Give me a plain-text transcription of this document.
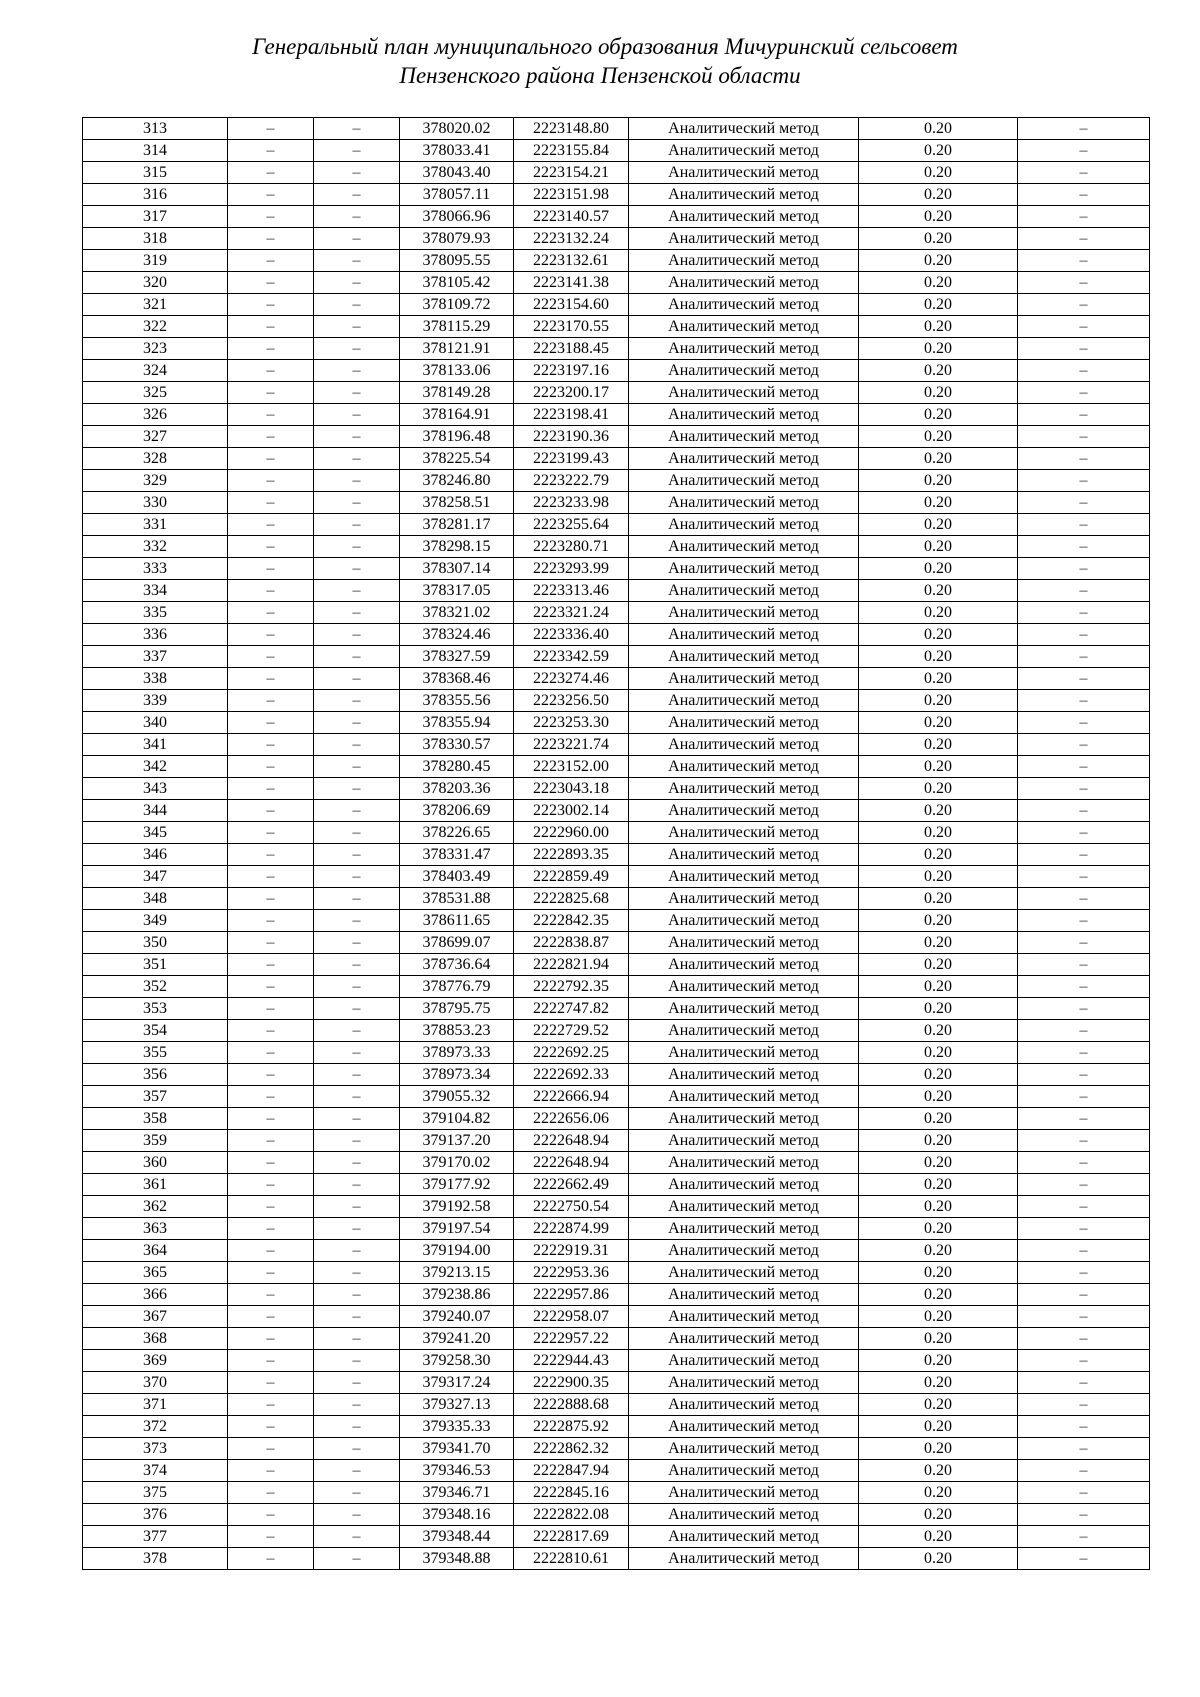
Генеральный план муниципального образования Мичуринский сельсовет
Пензенского района Пензенской области
313	–	–	378020.02	2223148.80	Аналитический метод	0.20	–
314	–	–	378033.41	2223155.84	Аналитический метод	0.20	–
315	–	–	378043.40	2223154.21	Аналитический метод	0.20	–
316	–	–	378057.11	2223151.98	Аналитический метод	0.20	–
317	–	–	378066.96	2223140.57	Аналитический метод	0.20	–
318	–	–	378079.93	2223132.24	Аналитический метод	0.20	–
319	–	–	378095.55	2223132.61	Аналитический метод	0.20	–
320	–	–	378105.42	2223141.38	Аналитический метод	0.20	–
321	–	–	378109.72	2223154.60	Аналитический метод	0.20	–
322	–	–	378115.29	2223170.55	Аналитический метод	0.20	–
323	–	–	378121.91	2223188.45	Аналитический метод	0.20	–
324	–	–	378133.06	2223197.16	Аналитический метод	0.20	–
325	–	–	378149.28	2223200.17	Аналитический метод	0.20	–
326	–	–	378164.91	2223198.41	Аналитический метод	0.20	–
327	–	–	378196.48	2223190.36	Аналитический метод	0.20	–
328	–	–	378225.54	2223199.43	Аналитический метод	0.20	–
329	–	–	378246.80	2223222.79	Аналитический метод	0.20	–
330	–	–	378258.51	2223233.98	Аналитический метод	0.20	–
331	–	–	378281.17	2223255.64	Аналитический метод	0.20	–
332	–	–	378298.15	2223280.71	Аналитический метод	0.20	–
333	–	–	378307.14	2223293.99	Аналитический метод	0.20	–
334	–	–	378317.05	2223313.46	Аналитический метод	0.20	–
335	–	–	378321.02	2223321.24	Аналитический метод	0.20	–
336	–	–	378324.46	2223336.40	Аналитический метод	0.20	–
337	–	–	378327.59	2223342.59	Аналитический метод	0.20	–
338	–	–	378368.46	2223274.46	Аналитический метод	0.20	–
339	–	–	378355.56	2223256.50	Аналитический метод	0.20	–
340	–	–	378355.94	2223253.30	Аналитический метод	0.20	–
341	–	–	378330.57	2223221.74	Аналитический метод	0.20	–
342	–	–	378280.45	2223152.00	Аналитический метод	0.20	–
343	–	–	378203.36	2223043.18	Аналитический метод	0.20	–
344	–	–	378206.69	2223002.14	Аналитический метод	0.20	–
345	–	–	378226.65	2222960.00	Аналитический метод	0.20	–
346	–	–	378331.47	2222893.35	Аналитический метод	0.20	–
347	–	–	378403.49	2222859.49	Аналитический метод	0.20	–
348	–	–	378531.88	2222825.68	Аналитический метод	0.20	–
349	–	–	378611.65	2222842.35	Аналитический метод	0.20	–
350	–	–	378699.07	2222838.87	Аналитический метод	0.20	–
351	–	–	378736.64	2222821.94	Аналитический метод	0.20	–
352	–	–	378776.79	2222792.35	Аналитический метод	0.20	–
353	–	–	378795.75	2222747.82	Аналитический метод	0.20	–
354	–	–	378853.23	2222729.52	Аналитический метод	0.20	–
355	–	–	378973.33	2222692.25	Аналитический метод	0.20	–
356	–	–	378973.34	2222692.33	Аналитический метод	0.20	–
357	–	–	379055.32	2222666.94	Аналитический метод	0.20	–
358	–	–	379104.82	2222656.06	Аналитический метод	0.20	–
359	–	–	379137.20	2222648.94	Аналитический метод	0.20	–
360	–	–	379170.02	2222648.94	Аналитический метод	0.20	–
361	–	–	379177.92	2222662.49	Аналитический метод	0.20	–
362	–	–	379192.58	2222750.54	Аналитический метод	0.20	–
363	–	–	379197.54	2222874.99	Аналитический метод	0.20	–
364	–	–	379194.00	2222919.31	Аналитический метод	0.20	–
365	–	–	379213.15	2222953.36	Аналитический метод	0.20	–
366	–	–	379238.86	2222957.86	Аналитический метод	0.20	–
367	–	–	379240.07	2222958.07	Аналитический метод	0.20	–
368	–	–	379241.20	2222957.22	Аналитический метод	0.20	–
369	–	–	379258.30	2222944.43	Аналитический метод	0.20	–
370	–	–	379317.24	2222900.35	Аналитический метод	0.20	–
371	–	–	379327.13	2222888.68	Аналитический метод	0.20	–
372	–	–	379335.33	2222875.92	Аналитический метод	0.20	–
373	–	–	379341.70	2222862.32	Аналитический метод	0.20	–
374	–	–	379346.53	2222847.94	Аналитический метод	0.20	–
375	–	–	379346.71	2222845.16	Аналитический метод	0.20	–
376	–	–	379348.16	2222822.08	Аналитический метод	0.20	–
377	–	–	379348.44	2222817.69	Аналитический метод	0.20	–
378	–	–	379348.88	2222810.61	Аналитический метод	0.20	–
